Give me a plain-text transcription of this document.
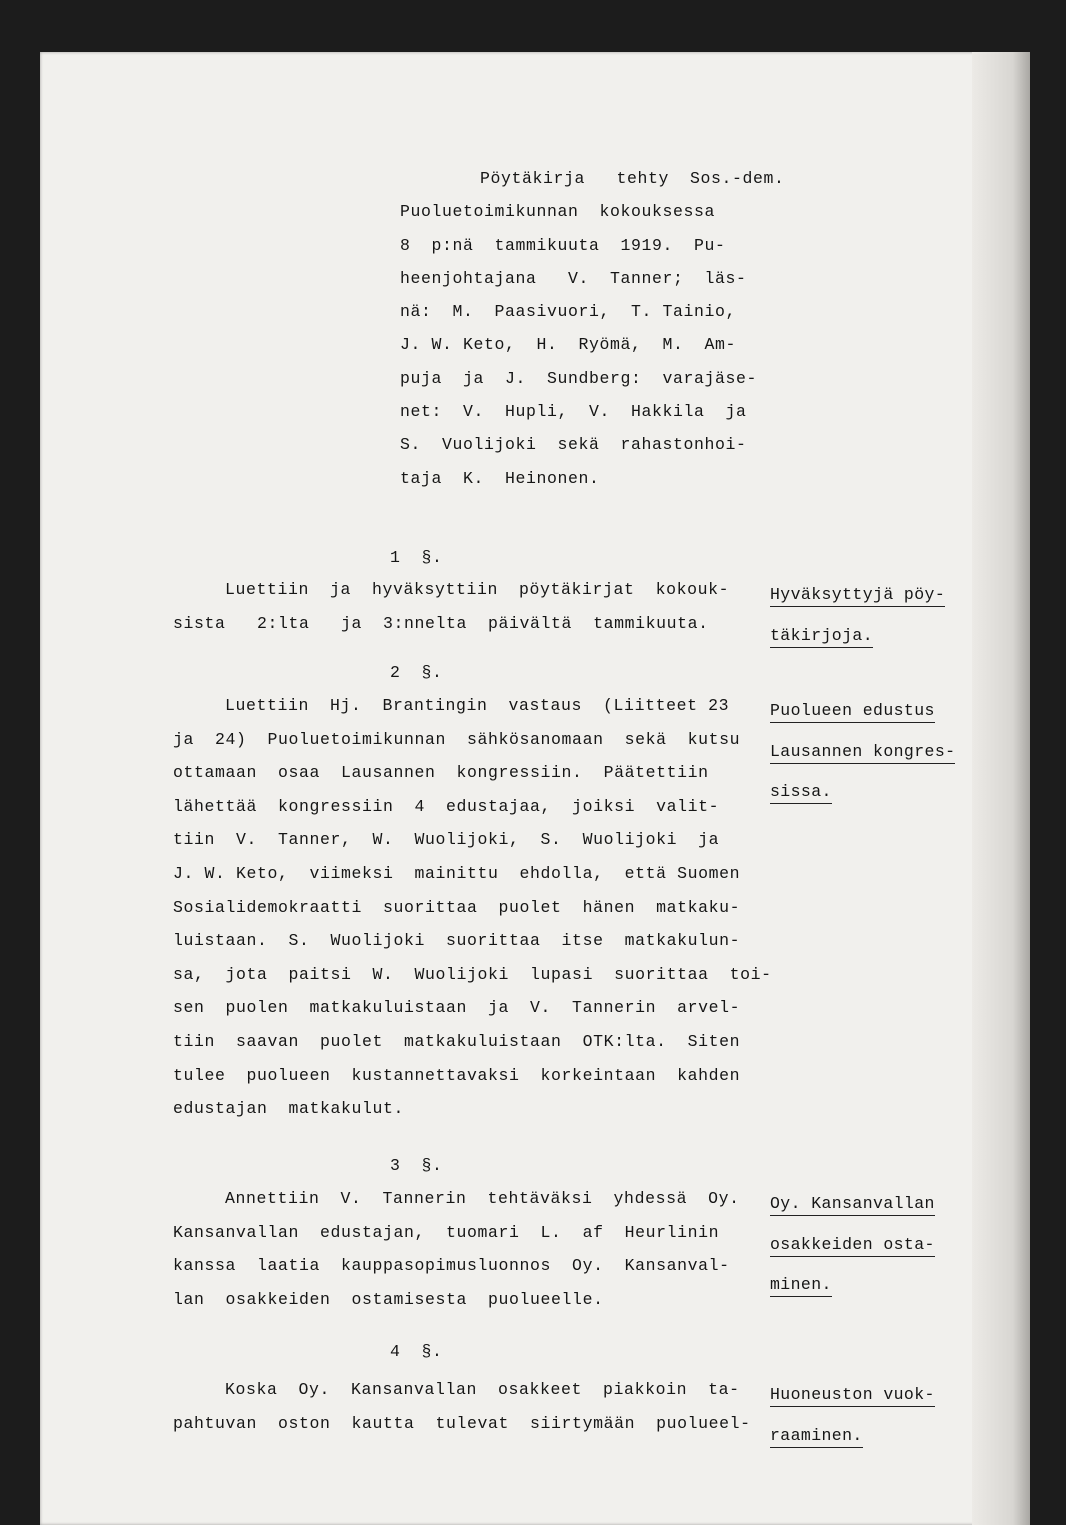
Pöytäkirja   tehty  Sos.-dem.
Puoluetoimikunnan  kokouksessa
8  p:nä  tammikuuta  1919.  Pu-
heenjohtajana   V.  Tanner;  läs-
nä:  M.  Paasivuori,  T. Tainio,
J. W. Keto,  H.  Ryömä,  M.  Am-
puja  ja  J.  Sundberg:  varajäse-
net:  V.  Hupli,  V.  Hakkila  ja
S.  Vuolijoki  sekä  rahastonhoi-
taja  K.  Heinonen.
1  §.
Luettiin  ja  hyväksyttiin  pöytäkirjat  kokouk-
sista   2:lta   ja  3:nnelta  päivältä  tammikuuta.
Hyväksyttyjä pöy-
täkirjoja.
2  §.
Luettiin  Hj.  Brantingin  vastaus  (Liitteet 23
ja  24)  Puoluetoimikunnan  sähkösanomaan  sekä  kutsu
ottamaan  osaa  Lausannen  kongressiin.  Päätettiin
lähettää  kongressiin  4  edustajaa,  joiksi  valit-
tiin  V.  Tanner,  W.  Wuolijoki,  S.  Wuolijoki  ja
J. W. Keto,  viimeksi  mainittu  ehdolla,  että Suomen
Sosialidemokraatti  suorittaa  puolet  hänen  matkaku-
luistaan.  S.  Wuolijoki  suorittaa  itse  matkakulun-
sa,  jota  paitsi  W.  Wuolijoki  lupasi  suorittaa  toi-
sen  puolen  matkakuluistaan  ja  V.  Tannerin  arvel-
tiin  saavan  puolet  matkakuluistaan  OTK:lta.  Siten
tulee  puolueen  kustannettavaksi  korkeintaan  kahden
edustajan  matkakulut.
Puolueen edustus
Lausannen kongres-
sissa.
3  §.
Annettiin  V.  Tannerin  tehtäväksi  yhdessä  Oy.
Kansanvallan  edustajan,  tuomari  L.  af  Heurlinin
kanssa  laatia  kauppasopimusluonnos  Oy.  Kansanval-
lan  osakkeiden  ostamisesta  puolueelle.
Oy. Kansanvallan
osakkeiden osta-
minen.
4  §.
Koska  Oy.  Kansanvallan  osakkeet  piakkoin  ta-
pahtuvan  oston  kautta  tulevat  siirtymään  puolueel-
Huoneuston vuok-
raaminen.
